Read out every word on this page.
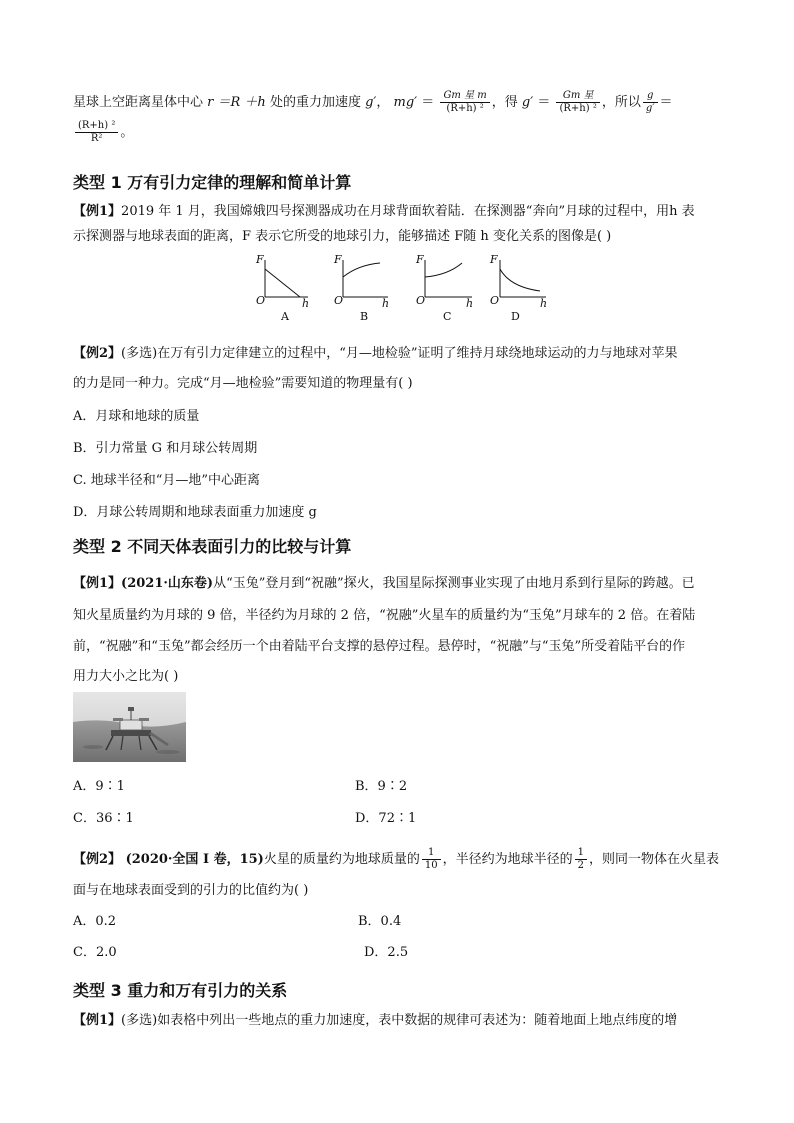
星球上空距离星体中心 r ＝R ＋h 处的重力加速度 g′， $mg' = \frac{\text{Gm 星 m}}{\text{(R+h) ²}}$ ，得 $g' = \frac{\text{Gm 星}}{\text{(R+h) ²}}$ ，所以 $\frac{g}{g'}$ ＝
$\frac{\text{(R+h) ²}}{\text{R²}}$ 。
类型 1 万有引力定律的理解和简单计算
【例1】2019 年 1 月，我国嫦娥四号探测器成功在月球背面软着陆．在探测器“奔向”月球的过程中，用h 表
示探测器与地球表面的距离，F 表示它所受的地球引力，能够描述 F随 h 变化关系的图像是( )
F
O	h
A
F
O	h
B
F
O	h
C
F
O	h
D
【例2】(多选)在万有引力定律建立的过程中，“月—地检验”证明了维持月球绕地球运动的力与地球对苹果
的力是同一种力。完成“月—地检验”需要知道的物理量有( )
A．月球和地球的质量
B．引力常量 G 和月球公转周期
C. 地球半径和“月—地”中心距离
D．月球公转周期和地球表面重力加速度 g
类型 2 不同天体表面引力的比较与计算
【例1】(2021·山东卷)从“玉兔”登月到“祝融”探火，我国星际探测事业实现了由地月系到行星际的跨越。已
知火星质量约为月球的 9 倍，半径约为月球的 2 倍，“祝融”火星车的质量约为“玉兔”月球车的 2 倍。在着陆
前，“祝融”和“玉兔”都会经历一个由着陆平台支撑的悬停过程。悬停时，“祝融”与“玉兔”所受着陆平台的作
用力大小之比为( )
A．9∶1	B．9∶2
C．36∶1	D．72∶1
【例2】 (2020·全国 I 卷，15)火星的质量约为地球质量的 $\frac{1}{10}$ ，半径约为地球半径的 $\frac{1}{2}$ ，则同一物体在火星表
面与在地球表面受到的引力的比值约为( )
A．0.2	B．0.4
C．2.0	D．2.5
类型 3 重力和万有引力的关系
【例1】(多选)如表格中列出一些地点的重力加速度，表中数据的规律可表述为：随着地面上地点纬度的增
